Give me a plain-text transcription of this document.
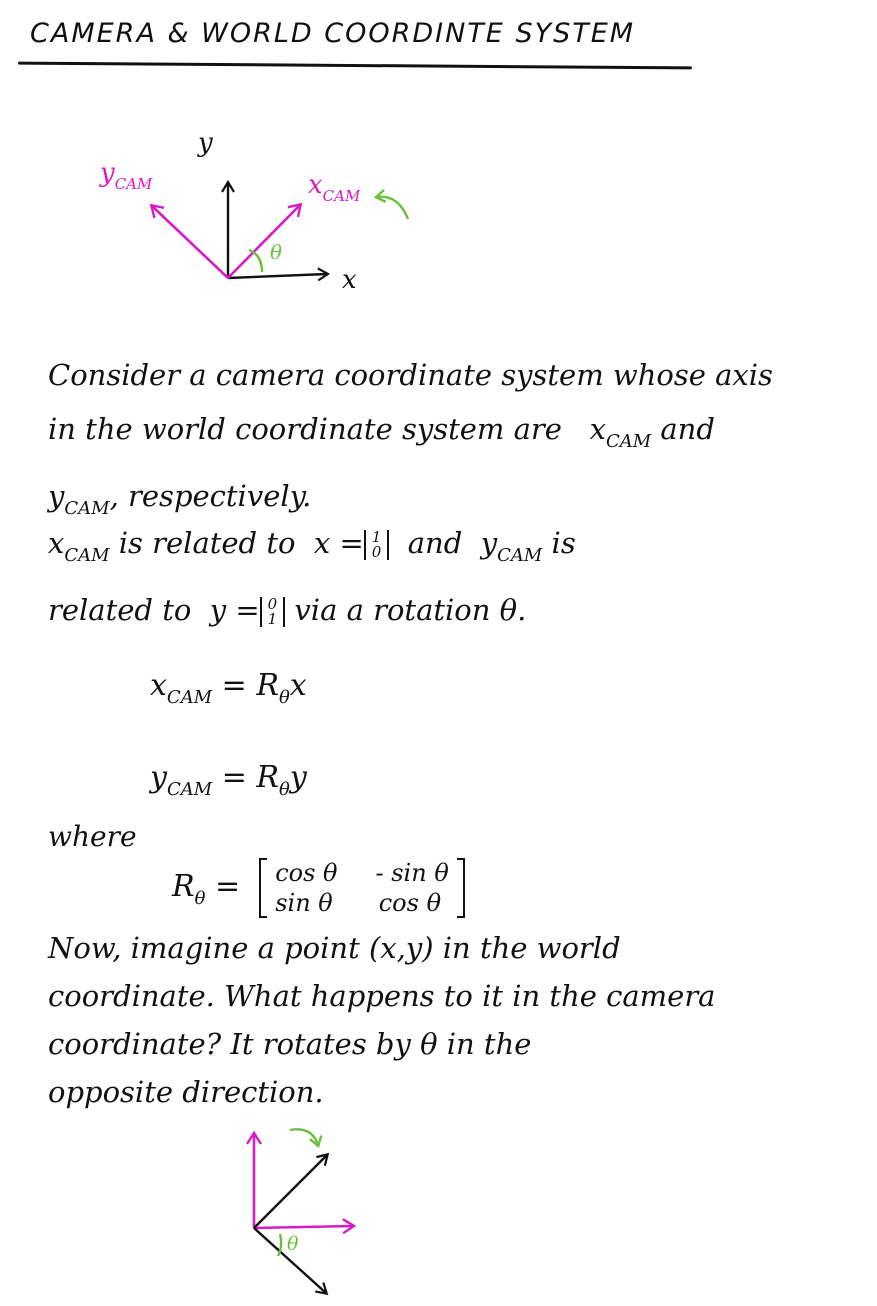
CAMERA & WORLD COORDINTE SYSTEM
y
x
$y_{CAM}$	$x_{CAM}$
θ
Consider a camera coordinate system whose axis
in the world coordinate system are $x_{CAM}$ and
$y_{CAM}$, respectively.
$x_{CAM}$ is related to x = 1
0 and $y_{CAM}$ is
related to y = 0
1 via a rotation θ.
$x_{CAM} = R_\theta x$
$y_{CAM} = R_\theta y$
where
$R_\theta = \cos \theta - \sin \theta$
sin θ cos θ
Now, imagine a point (x,y) in the world
coordinate. What happens to it in the camera
coordinate? It rotates by θ in the
opposite direction.
θ
